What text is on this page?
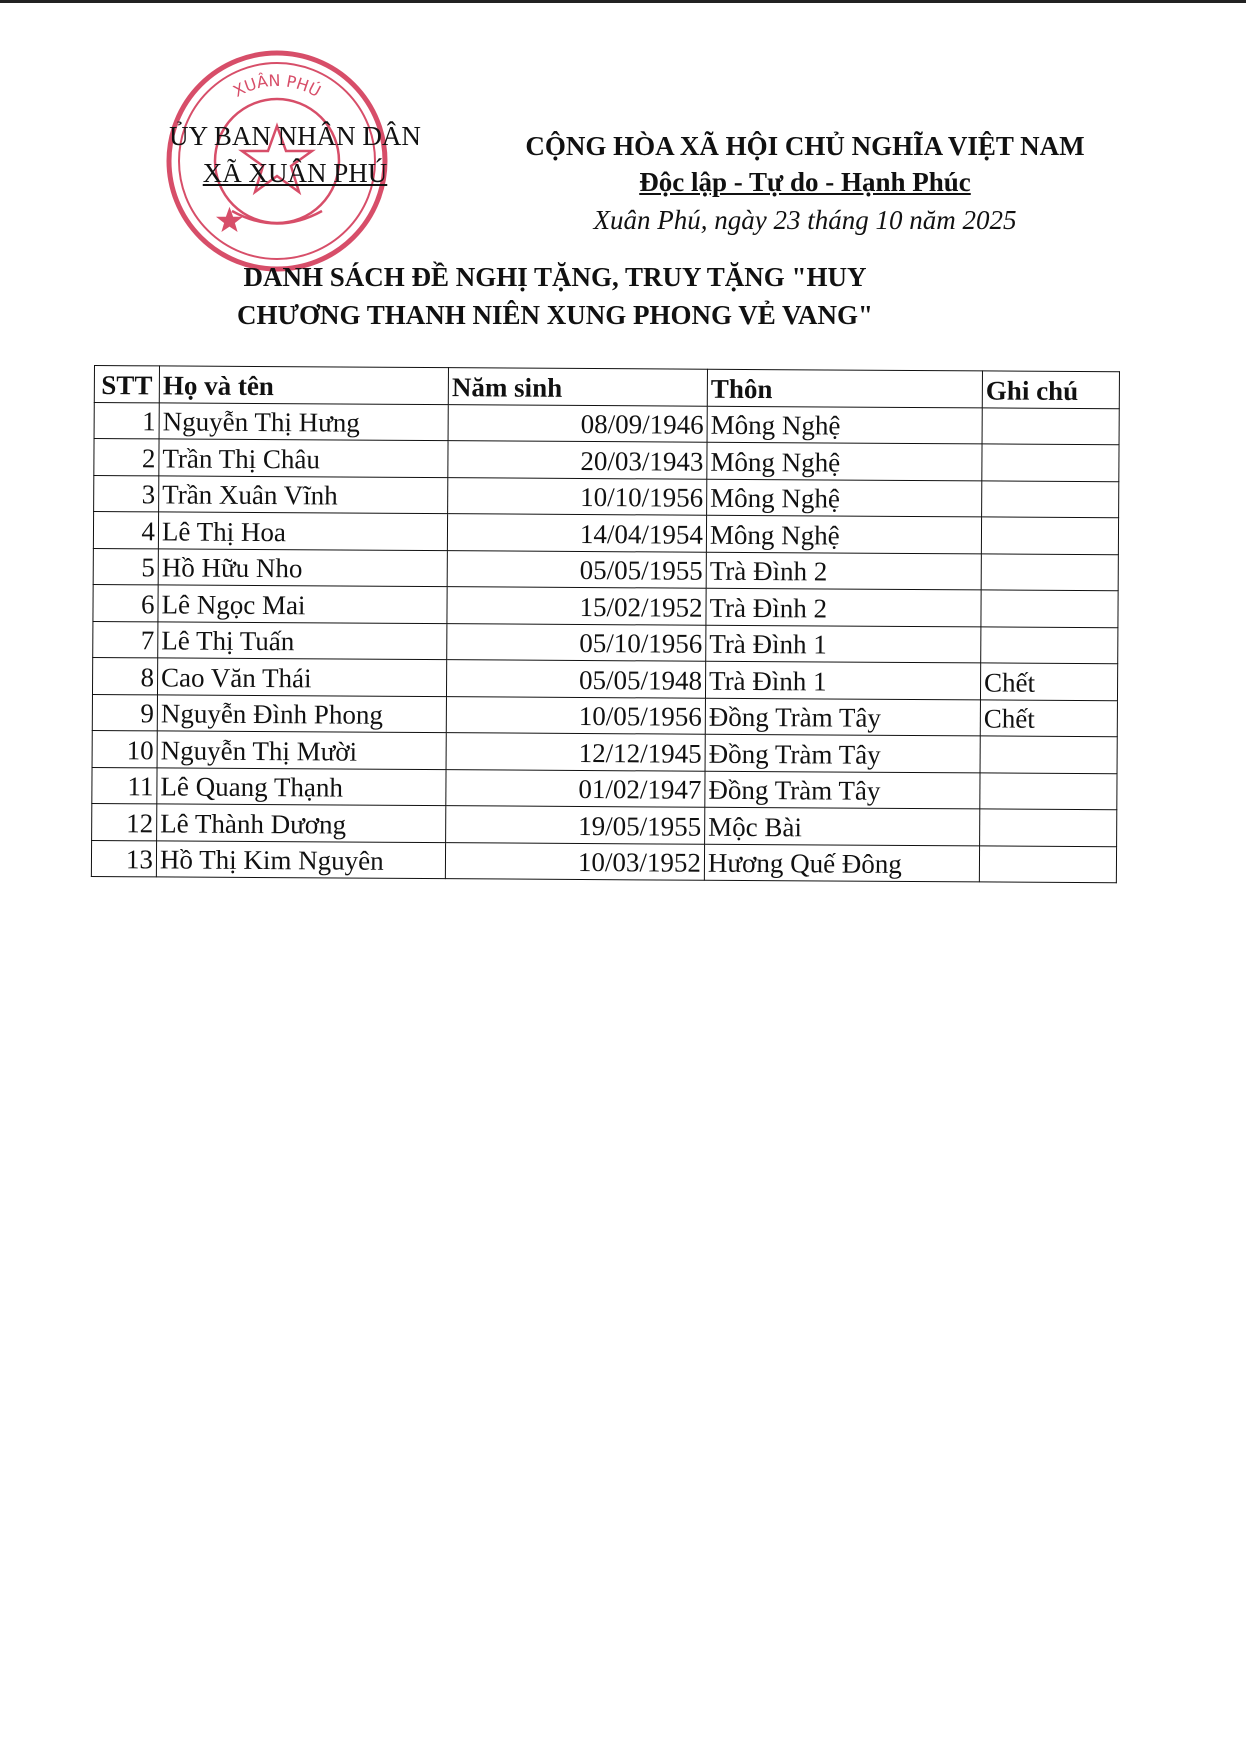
XUÂN PHÚ
ỦY BAN NHÂN DÂN
XÃ XUÂN PHÚ
CỘNG HÒA XÃ HỘI CHỦ NGHĨA VIỆT NAM
Độc lập - Tự do - Hạnh Phúc
Xuân Phú, ngày 23 tháng 10 năm 2025
DANH SÁCH ĐỀ NGHỊ TẶNG, TRUY TẶNG "HUY
CHƯƠNG THANH NIÊN XUNG PHONG VẺ VANG"
STT	Họ và tên	Năm sinh	Thôn	Ghi chú
1	Nguyễn Thị Hưng	08/09/1946	Mông Nghệ	
2	Trần Thị Châu	20/03/1943	Mông Nghệ	
3	Trần Xuân Vĩnh	10/10/1956	Mông Nghệ	
4	Lê Thị Hoa	14/04/1954	Mông Nghệ	
5	Hồ Hữu Nho	05/05/1955	Trà Đình 2	
6	Lê Ngọc Mai	15/02/1952	Trà Đình 2	
7	Lê Thị Tuấn	05/10/1956	Trà Đình 1	
8	Cao Văn Thái	05/05/1948	Trà Đình 1	Chết
9	Nguyễn Đình Phong	10/05/1956	Đồng Tràm Tây	Chết
10	Nguyễn Thị Mười	12/12/1945	Đồng Tràm Tây	
11	Lê Quang Thạnh	01/02/1947	Đồng Tràm Tây	
12	Lê Thành Dương	19/05/1955	Mộc Bài	
13	Hồ Thị Kim Nguyên	10/03/1952	Hương Quế Đông	
